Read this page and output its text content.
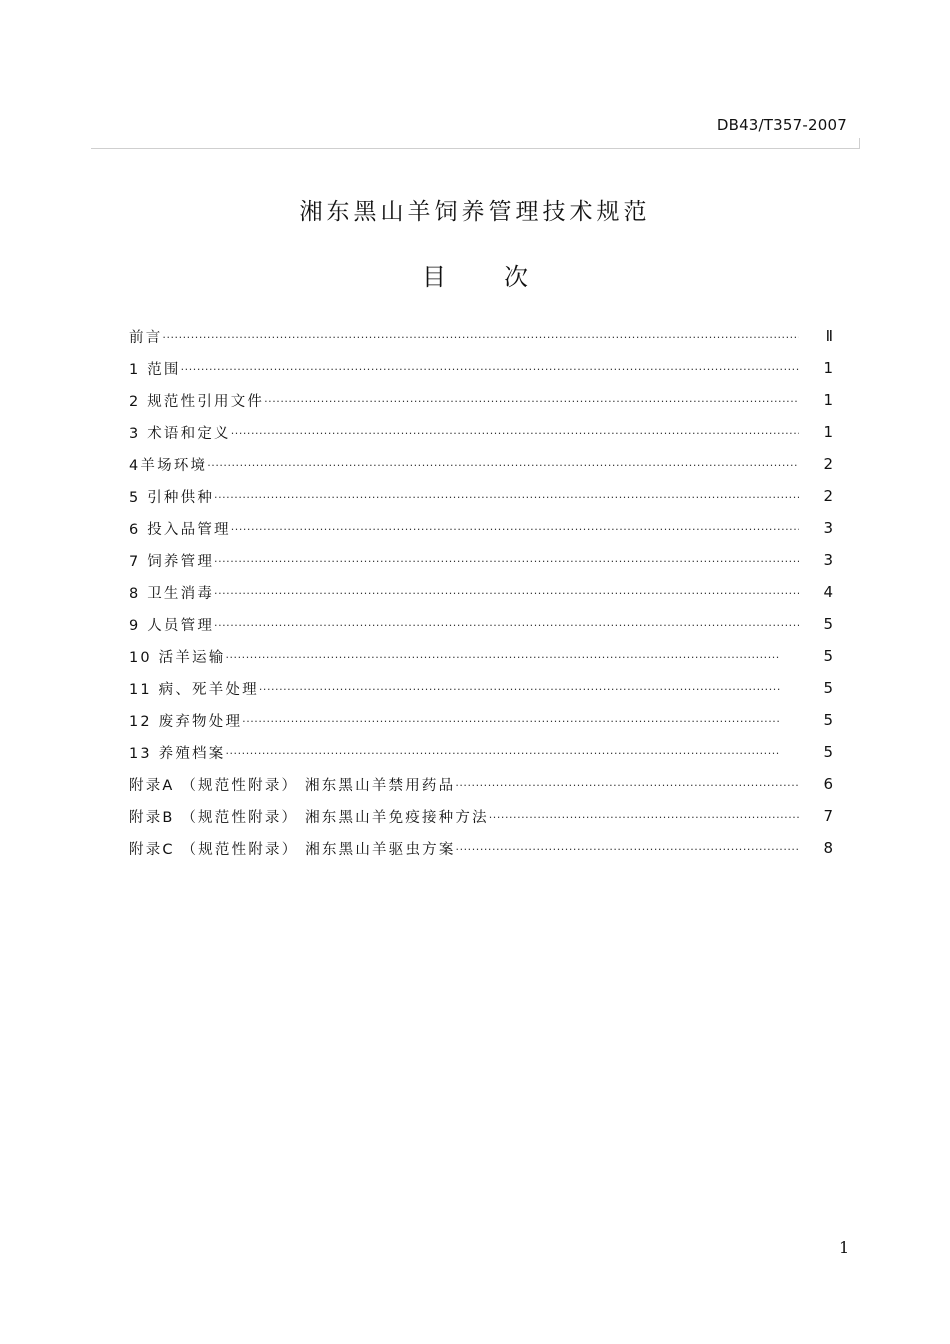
DB43/T357-2007
湘东黑山羊饲养管理技术规范
目 次
前言 ·····	Ⅱ
1 范围 ·····	1
2 规范性引用文件 ·····	1
3 术语和定义 ·····	1
4羊场环境 ·····	2
5 引种供种 ·····	2
6 投入品管理 ·····	3
7 饲养管理 ·····	3
8 卫生消毒 ·····	4
9 人员管理 ·····	5
10 活羊运输 ·····	5
11 病、死羊处理 ·····	5
12 废弃物处理 ·····	5
13 养殖档案 ·····	5
附录A （规范性附录） 湘东黑山羊禁用药品 ·····	6
附录B （规范性附录） 湘东黑山羊免疫接种方法 ·····	7
附录C （规范性附录） 湘东黑山羊驱虫方案 ·····	8
1
